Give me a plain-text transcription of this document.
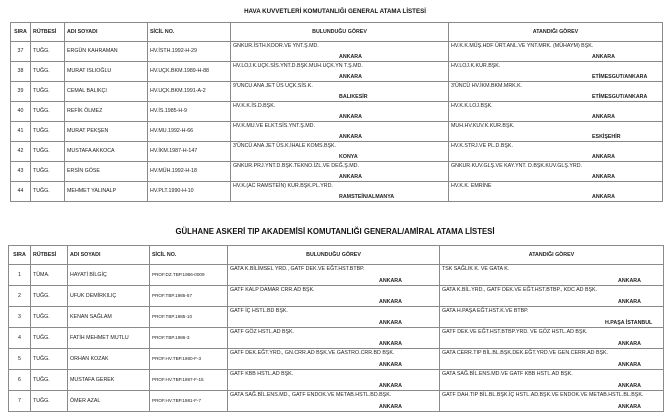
HAVA KUVVETLERİ KOMUTANLIĞI GENERAL ATAMA LİSTESİ
SIRA	RÜTBESİ	ADI SOYADI	SİCİL NO.	BULUNDUĞU GÖREV	ATANDIĞI GÖREV
37	TUĞG.	ERGÜN KAHRAMAN	HV.İSTH.1992-H-29	GNKUR.İSTH.KOOR.VE YNT.Ş.MD.
ANKARA	HV.K.K.MÜŞ.HDF ÜRT.ANL.VE YNT.MRK. (MÜHAYM) BŞK.
ANKARA

38	TUĞG.	MURAT ISLIOĞLU	HV.UÇK.BKM.1989-H-88	HV.LOJ.K.UÇK.SİS.YNT.D.BŞK.MUH.UÇK.YN T.Ş.MD.
ANKARA	HV.LOJ.K.KUR.BŞK.
ETİMESGUT/ANKARA

39	TUĞG.	CEMAL BALIKÇI	HV.UÇK.BKM.1991-A-2	9'UNCU ANA JET ÜS UÇK.SİS.K.
BALIKESİR	3'ÜNCÜ HV.İKM.BKM.MRK.K.
ETİMESGUT/ANKARA

40	TUĞG.	REFİK ÖLMEZ	HV.İS.1985-H-9	HV.K.K.İS.D.BŞK.
ANKARA	HV.K.K.LOJ.BŞK.
ANKARA

41	TUĞG.	MURAT PEKŞEN	HV.MU.1992-H-66	HV.K.MU.VE ELKT.SİS.YNT.Ş.MD.
ANKARA	MUH.HV.KUV.K.KUR.BŞK.
ESKİŞEHİR

42	TUĞG.	MUSTAFA AKKOCA	HV.İKM.1987-H-147	3'ÜNCÜ ANA JET ÜS.K.İHALE KOMS.BŞK.
KONYA	HV.K.STRJ.VE PL.D.BŞK.
ANKARA

43	TUĞG.	ERSİN GÖSE	HV.MÜH.1992-H-18	GNKUR.PRJ.YNT.D.BŞK.TEKNO.İZL.VE DEĞ.Ş.MD.
ANKARA	GNKUR.KUV.GLŞ.VE KAY.YNT. D.BŞK.KUV.GLŞ.YRD.
ANKARA

44	TUĞG.	MEHMET YALINALP	HV.PLT.1990-H-10	HV.K.(AC RAMSTEİN) KUR.BŞK.PL.YRD.
RAMSTEİN/ALMANYA	HV.K.K. EMRİNE
ANKARA
GÜLHANE ASKERİ TIP AKADEMİSİ KOMUTANLIĞI GENERAL/AMİRAL ATAMA LİSTESİ
SIRA	RÜTBESİ	ADI SOYADI	SİCİL NO.	BULUNDUĞU GÖREV	ATANDIĞI GÖREV
1	TÜMA.	HAYATİ BİLGİÇ	PROF.DZ.TBP.1986-0009	GATA K.BİLİMSEL YRD., GATF DEK.VE EĞT.HST.BTBP.
ANKARA	TSK SAĞLIK K. VE GATA K.
ANKARA

2	TUĞG.	UFUK DEMİRKILIÇ	PROF.TBP.1985-57	GATF KALP DAMAR CRR.AD BŞK.
ANKARA	GATA K.BİL.YRD., GATF DEK.VE EĞT.HST.BTBP., KDC AD BŞK.
ANKARA

3	TUĞG.	KENAN SAĞLAM	PROF.TBP.1985-10	GATF İÇ HSTL.BD BŞK.
ANKARA	GATA H.PAŞA EĞT.HST.K.VE BTBP.
H.PAŞA İSTANBUL

4	TUĞG.	FATİH MEHMET MUTLU	PROF.TBP.1986-3	GATF GÖZ HSTL.AD BŞK.
ANKARA	GATF DEK.VE EĞT.HST.BTBP.YRD. VE GÖZ HSTL.AD BŞK.
ANKARA

5	TUĞG.	ORHAN KOZAK	PROF.HV.TBP.1980-F-3	GATF DEK.EĞT.YRD., GN.CRR.AD BŞK.VE GASTRO.CRR.BD BŞK.
ANKARA	GATA CERR.TIP BİL.BL.BŞK.DEK.EĞT.YRD.VE GEN.CERR.AD BŞK.
ANKARA

6	TUĞG.	MUSTAFA GEREK	PROF.HV.TBP.1987-F-15	GATF KBB HSTL.AD BŞK.
ANKARA	GATA SAĞ.BİL.ENS.MD.VE GATF KBB HSTL.AD BŞK.
ANKARA

7	TUĞG.	ÖMER AZAL	PROF.HV.TBP.1981-F-7	GATA SAĞ.BİL.ENS.MD., GATF ENDOK.VE METAB.HSTL.BD.BŞK.
ANKARA	GATF DAH.TIP BİL.BL.BŞK.İÇ HSTL.AD.BŞK.VE ENDOK.VE METAB.HSTL.BL.BŞK.
ANKARA
